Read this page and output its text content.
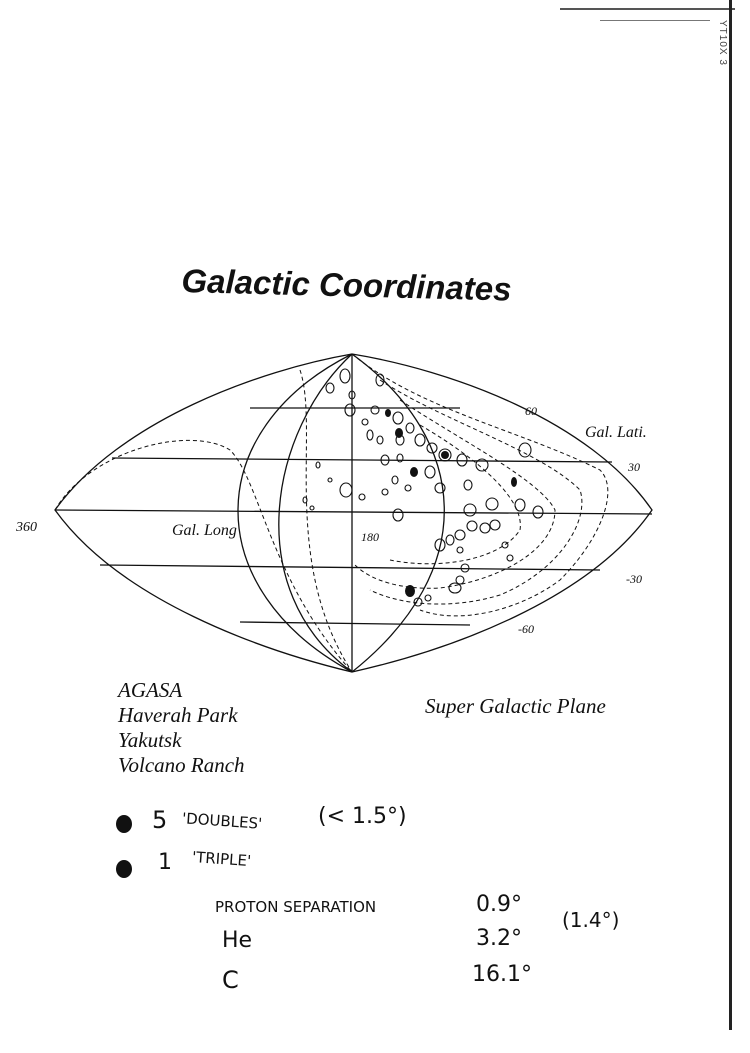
YT10X 3
Galactic Coordinates
360	Gal. Long	180
Gal. Lati.
60
30
-30
-60
AGASA
Haverah Park
Yakutsk
Volcano Ranch
Super Galactic Plane
5 'DOUBLES'	(< 1.5°)
1 'TRIPLE'
PROTON SEPARATION	0.9°
(1.4°)
He	3.2°
C	16.1°
